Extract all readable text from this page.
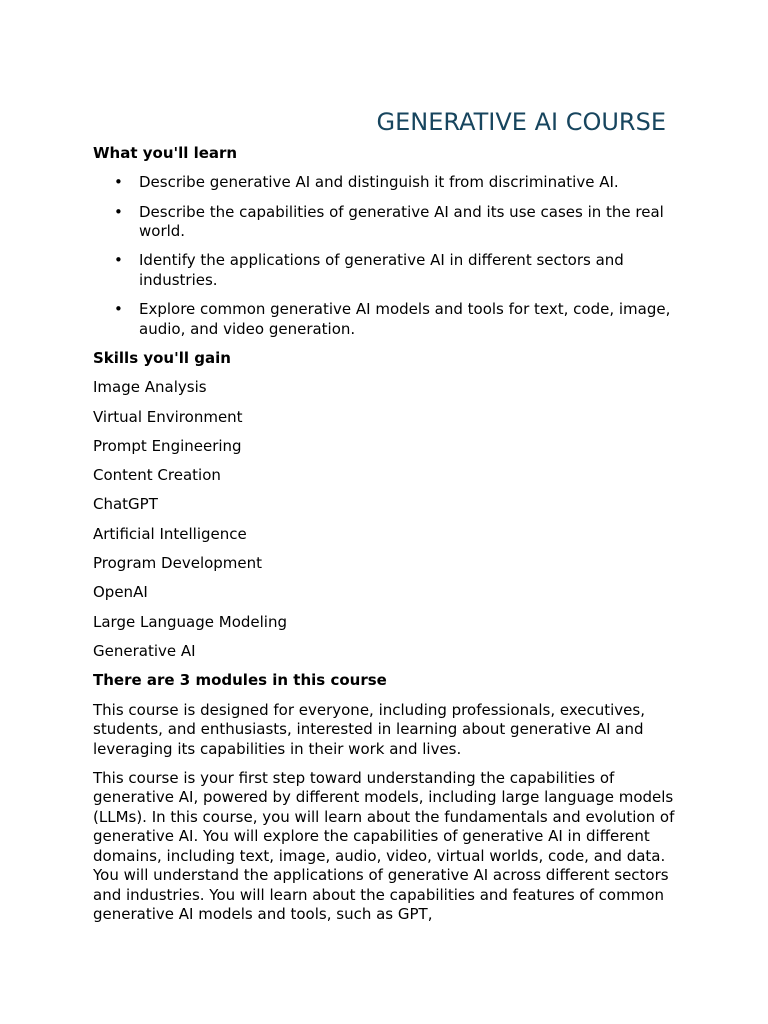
GENERATIVE AI COURSE
What you'll learn
• Describe generative AI and distinguish it from discriminative AI.
• Describe the capabilities of generative AI and its use cases in the real world.
• Identify the applications of generative AI in different sectors and industries.
• Explore common generative AI models and tools for text, code, image, audio, and video generation.
Skills you'll gain
Image Analysis
Virtual Environment
Prompt Engineering
Content Creation
ChatGPT
Artificial Intelligence
Program Development
OpenAI
Large Language Modeling
Generative AI
There are 3 modules in this course

This course is designed for everyone, including professionals, executives, students, and enthusiasts, interested in learning about generative AI and leveraging its capabilities in their work and lives.

This course is your first step toward understanding the capabilities of generative AI, powered by different models, including large language models (LLMs). In this course, you will learn about the fundamentals and evolution of generative AI. You will explore the capabilities of generative AI in different domains, including text, image, audio, video, virtual worlds, code, and data. You will understand the applications of generative AI across different sectors and industries. You will learn about the capabilities and features of common generative AI models and tools, such as GPT,
